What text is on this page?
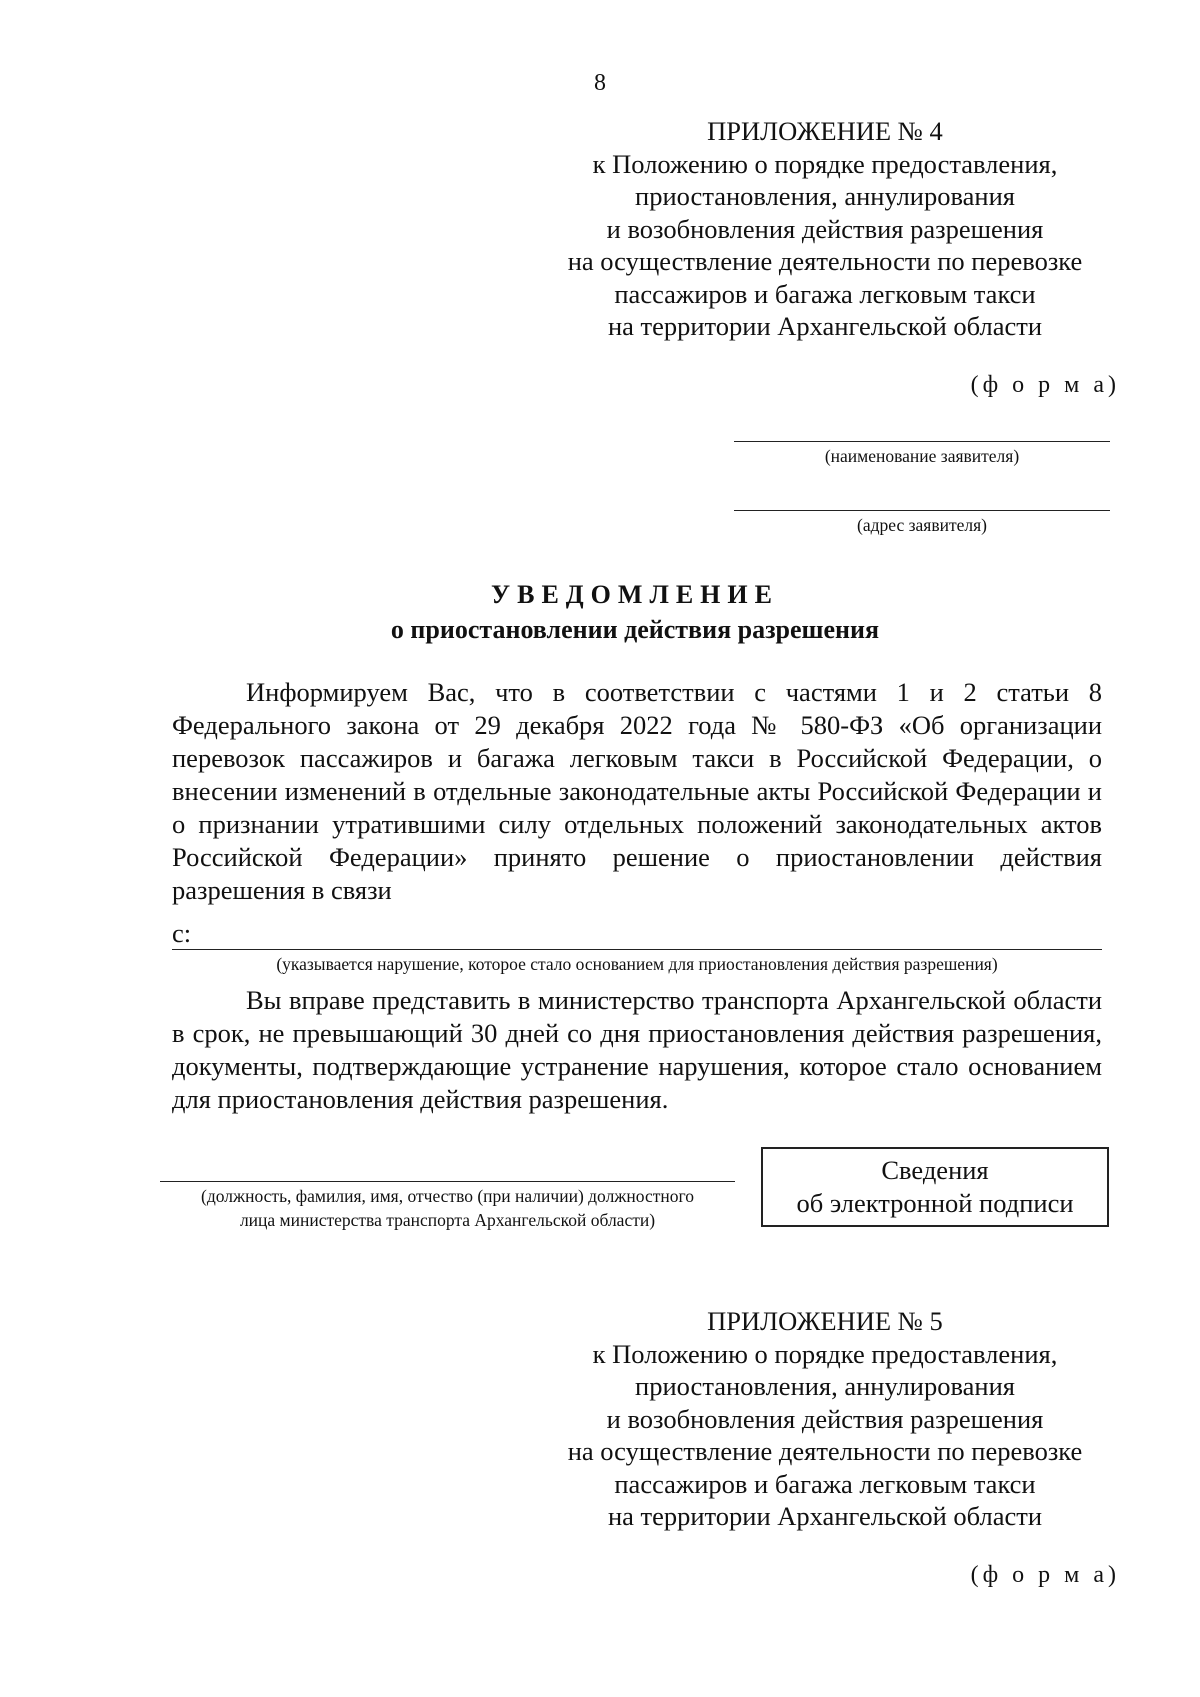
8
ПРИЛОЖЕНИЕ № 4
к Положению о порядке предоставления,
приостановления, аннулирования
и возобновления действия разрешения
на осуществление деятельности по перевозке
пассажиров и багажа легковым такси
на территории Архангельской области
(ф о р м а)
(наименование заявителя)
(адрес заявителя)
УВЕДОМЛЕНИЕ
о приостановлении действия разрешения

Информируем Вас, что в соответствии с частями 1 и 2 статьи 8 Федерального закона от 29 декабря 2022 года № 580-ФЗ «Об организации перевозок пассажиров и багажа легковым такси в Российской Федерации, о внесении изменений в отдельные законодательные акты Российской Федерации и о признании утратившими силу отдельных положений законодательных актов Российской Федерации» принято решение о приостановлении действия разрешения в связи

с:
(указывается нарушение, которое стало основанием для приостановления действия разрешения)

Вы вправе представить в министерство транспорта Архангельской области в срок, не превышающий 30 дней со дня приостановления действия разрешения, документы, подтверждающие устранение нарушения, которое стало основанием для приостановления действия разрешения.

(должность, фамилия, имя, отчество (при наличии) должностного
лица министерства транспорта Архангельской области)
Сведения
об электронной подписи
ПРИЛОЖЕНИЕ № 5
к Положению о порядке предоставления,
приостановления, аннулирования
и возобновления действия разрешения
на осуществление деятельности по перевозке
пассажиров и багажа легковым такси
на территории Архангельской области
(ф о р м а)
